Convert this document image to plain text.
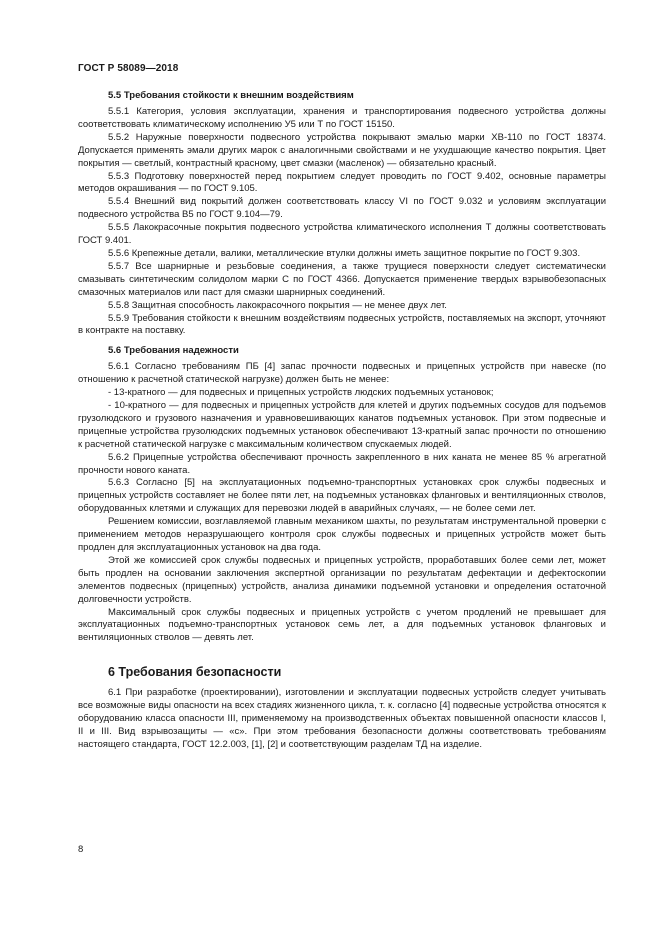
ГОСТ Р 58089—2018
5.5 Требования стойкости к внешним воздействиям

5.5.1 Категория, условия эксплуатации, хранения и транспортирования подвесного устройства должны соответствовать климатическому исполнению У5 или Т по ГОСТ 15150.

5.5.2 Наружные поверхности подвесного устройства покрывают эмалью марки ХВ-110 по ГОСТ 18374. Допускается применять эмали других марок с аналогичными свойствами и не ухудшающие качество покрытия. Цвет покрытия — светлый, контрастный красному, цвет смазки (масленок) — обязательно красный.

5.5.3 Подготовку поверхностей перед покрытием следует проводить по ГОСТ 9.402, основные параметры методов окрашивания — по ГОСТ 9.105.

5.5.4 Внешний вид покрытий должен соответствовать классу VI по ГОСТ 9.032 и условиям эксплуатации подвесного устройства В5 по ГОСТ 9.104—79.

5.5.5 Лакокрасочные покрытия подвесного устройства климатического исполнения Т должны соответствовать ГОСТ 9.401.

5.5.6 Крепежные детали, валики, металлические втулки должны иметь защитное покрытие по ГОСТ 9.303.

5.5.7 Все шарнирные и резьбовые соединения, а также трущиеся поверхности следует систематически смазывать синтетическим солидолом марки С по ГОСТ 4366. Допускается применение твердых взрывобезопасных смазочных материалов или паст для смазки шарнирных соединений.

5.5.8 Защитная способность лакокрасочного покрытия — не менее двух лет.

5.5.9 Требования стойкости к внешним воздействиям подвесных устройств, поставляемых на экспорт, уточняют в контракте на поставку.

5.6 Требования надежности

5.6.1 Согласно требованиям ПБ [4] запас прочности подвесных и прицепных устройств при навеске (по отношению к расчетной статической нагрузке) должен быть не менее:

- 13-кратного — для подвесных и прицепных устройств людских подъемных установок;

- 10-кратного — для подвесных и прицепных устройств для клетей и других подъемных сосудов для подъемов грузолюдского и грузового назначения и уравновешивающих канатов подъемных установок. При этом подвесные и прицепные устройства грузолюдских подъемных установок обеспечивают 13-кратный запас прочности по отношению к расчетной статической нагрузке с максимальным количеством спускаемых людей.

5.6.2 Прицепные устройства обеспечивают прочность закрепленного в них каната не менее 85 % агрегатной прочности нового каната.

5.6.3 Согласно [5] на эксплуатационных подъемно-транспортных установках срок службы подвесных и прицепных устройств составляет не более пяти лет, на подъемных установках фланговых и вентиляционных стволов, оборудованных клетями и служащих для перевозки людей в аварийных случаях, — не более семи лет.

Решением комиссии, возглавляемой главным механиком шахты, по результатам инструментальной проверки с применением методов неразрушающего контроля срок службы подвесных и прицепных устройств может быть продлен для эксплуатационных установок на два года.

Этой же комиссией срок службы подвесных и прицепных устройств, проработавших более семи лет, может быть продлен на основании заключения экспертной организации по результатам дефектации и дефектоскопии элементов подвесных (прицепных) устройств, анализа динамики подъемной установки и определения остаточной долговечности устройств.

Максимальный срок службы подвесных и прицепных устройств с учетом продлений не превышает для эксплуатационных подъемно-транспортных установок семь лет, а для подъемных установок фланговых и вентиляционных стволов — девять лет.

6 Требования безопасности

6.1 При разработке (проектировании), изготовлении и эксплуатации подвесных устройств следует учитывать все возможные виды опасности на всех стадиях жизненного цикла, т. к. согласно [4] подвесные устройства относятся к оборудованию класса опасности III, применяемому на производственных объектах повышенной опасности классов I, II и III. Вид взрывозащиты — «с». При этом требования безопасности должны соответствовать требованиям настоящего стандарта, ГОСТ 12.2.003, [1], [2] и соответствующим разделам ТД на изделие.

8
